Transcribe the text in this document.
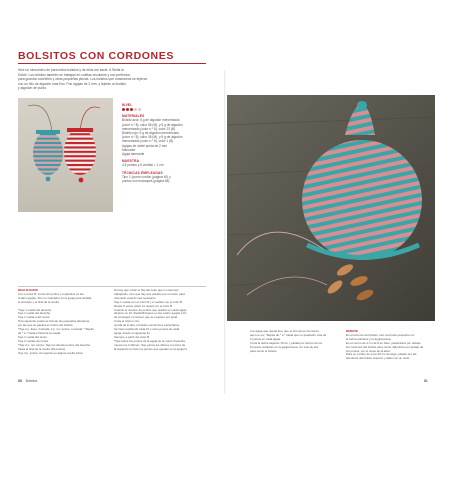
BOLSITOS CON CORDONES
Hice un sinnúmero de para estos bolsitos y de ellos me sacié. A Stella la
Doble. Los bolsitos también se trabajan en vueltas circulares y son perfectos
para guardar colchetes y otras pequeñas piezas. Los bolsitos que mostramos se tejieron
con un hilo de algodón más fino. Pon agujas de 2 mm, y tejerás un bolsito
y algodón de punto.
NIVEL
MATERIALES
Bolsito azul: 5 g de algodón mercerizado
(color n.º 8), color 56 (M), y 5 g de algodón
mercerizado (color n.º 8), color 23 (B)
Bolsito rojo: 5 g de algodón mercerizado
(color n.º 8), color 35 (M), y 5 g de algodón
mercerizado (color n.º 8), color 1 (B)
Agujas de doble punta de 2 mm
Marcador
Aguja lanera/de
MUESTRA
4,5 puntos y 6 vueltas = 1 cm
TÉCNICAS EMPLEADAS
Tipo 1 (punto cordón (página 40) y
puntos con bodoques (página 66)
REALIZACIÓN
Con el color B, monta 40 puntos y repártelos en las
Cuatro agujas. Pon un marcador en la aguja para señalar
el principio y el final de la vuelta.

*Teje 1 vuelta del derecho.
Teje 1 vuelta del derecho.
Teje 1 vuelta a del revés.
Si la siguiente vuelta se forman las pequeñas aberturas
por las que se pasará el cordón del bolsito:
*Teje 2 p. lisos, 1 lazada, 2 p. rev. juntos, 1 lazada: * Repite
de * a * hasta el final de la vuelta.
Teje 1 vuelta del revés.
Teje 2 vueltas del revés.
*Teje 2 p. rev. juntos. Teje los demás puntos del derecho
hasta el final de la vuelta (45 puntos).
Teje 4 p. juntos; sin tejerlos en alguna vuelta (reta).
No hay que cortar el hilo del color que no estemos
trabajando: sino que hay que pasarlo por el revés, para
retomarlo cuando sea necesario.
Teje 1 vuelta con el color M y 2 vueltas con el color B.
Repite 5 veces (total: 11 rayas) con el color B.
Cuando el número de puntos que quedan en cada aguja
alcance un 10. Redistribúyelos en las cuatro agujas a fin
de conseguir el número que se requiere por igual.
Corta el mismo mrn.
Ayuda de lo alto, el bolsito comienza a estrecharse.
Se hace repitiendo cada 10 y otros puntos de cada
aguja, desde el siguiente fin.
Siempre a partir del color B.
*Teje todos los puntos de la aguja de la mano izquierda
menos los 2 últimos. Teje juntos los últimos 2 puntos de
la siguiente le hace los puntos que quedan en la aguja la
88 Bolsitos
a la aguja que queda fino, que el otro del en la misma
aquí se rev. "Repite de * a * hasta que no quedarán más de
2 puntos en cada aguja.
Corta la hebra dejando 15 cm y pásala por dentro de los
8 puntos restantes en la aguja lanera. Un solo de ello
para cerrar el bolsito.
REMATE
En el extremo del bolsito, haz una borla pequeña con
la hebra sobrante y la aguja lanera.
En el centro de 4 cm de 8 en hilos, pasándolos por debajo
los cordones del bolsito para cerrar, fijándolos por debajo de
los puntos, por el revés de la labor.
Para un cordón de unos 40 cm de largo, pásalo por las
aberturas del bolsito superior y átalo con un nudo.
81
